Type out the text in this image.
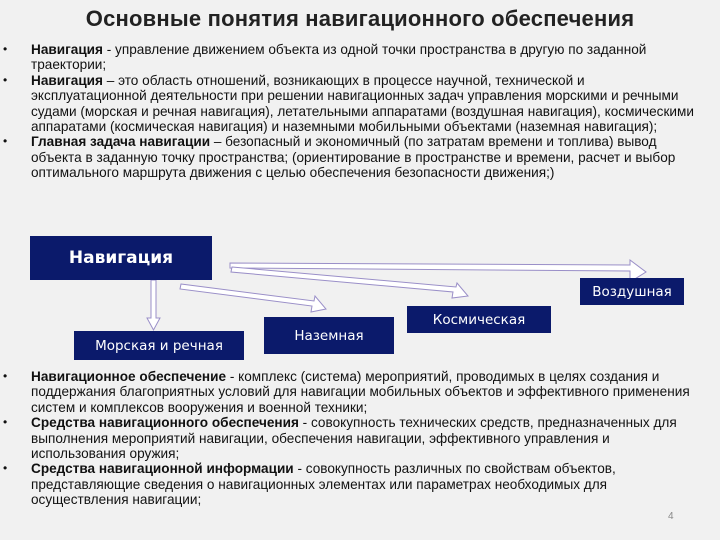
Основные понятия навигационного обеспечения
• Навигация - управление движением объекта из одной точки пространства в другую по заданной траектории;
• Навигация – это область отношений, возникающих в процессе научной, технической и эксплуатационной деятельности при решении навигационных задач управления морскими и речными судами (морская и речная навигация), летательными аппаратами (воздушная навигация), космическими аппаратами (космическая навигация) и наземными мобильными объектами (наземная навигация);
• Главная задача навигации – безопасный и экономичный (по затратам времени и топлива) вывод объекта в заданную точку пространства; (ориентирование в пространстве и времени, расчет и выбор оптимального маршрута движения с целью обеспечения безопасности движения;)
Навигация
Воздушная
Космическая
Наземная
Морская и речная
• Навигационное обеспечение - комплекс (система) мероприятий, проводимых в целях создания и поддержания благоприятных условий для навигации мобильных объектов и эффективного применения систем и комплексов вооружения и военной техники;
• Средства навигационного обеспечения - совокупность технических средств, предназначенных для выполнения мероприятий навигации, обеспечения навигации, эффективного управления и использования оружия;
• Средства навигационной информации - совокупность различных по свойствам объектов, представляющие сведения о навигационных элементах или параметрах необходимых для осуществления навигации;
4
